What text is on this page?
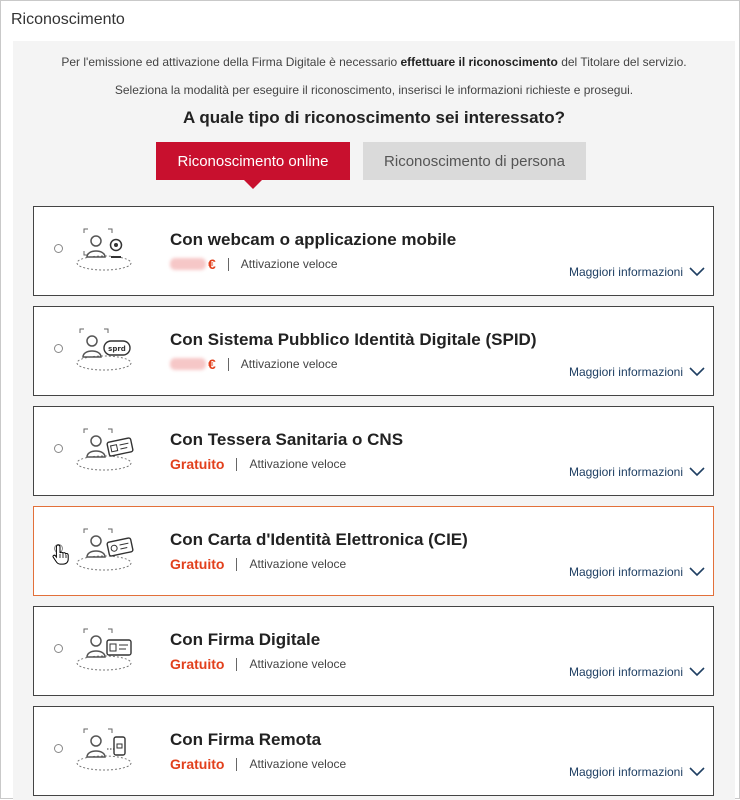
Riconoscimento
Per l'emissione ed attivazione della Firma Digitale è necessario effettuare il riconoscimento del Titolare del servizio.
Seleziona la modalità per eseguire il riconoscimento, inserisci le informazioni richieste e prosegui.
A quale tipo di riconoscimento sei interessato?
Riconoscimento online	Riconoscimento di persona
Con webcam o applicazione mobile
€ Attivazione veloce
Maggiori informazioni
sprd	Con Sistema Pubblico Identità Digitale (SPID)
€ Attivazione veloce
Maggiori informazioni
Con Tessera Sanitaria o CNS
Gratuito Attivazione veloce
Maggiori informazioni
Con Carta d'Identità Elettronica (CIE)
Gratuito Attivazione veloce
Maggiori informazioni
Con Firma Digitale
Gratuito Attivazione veloce
Maggiori informazioni
Con Firma Remota
Gratuito Attivazione veloce
Maggiori informazioni
